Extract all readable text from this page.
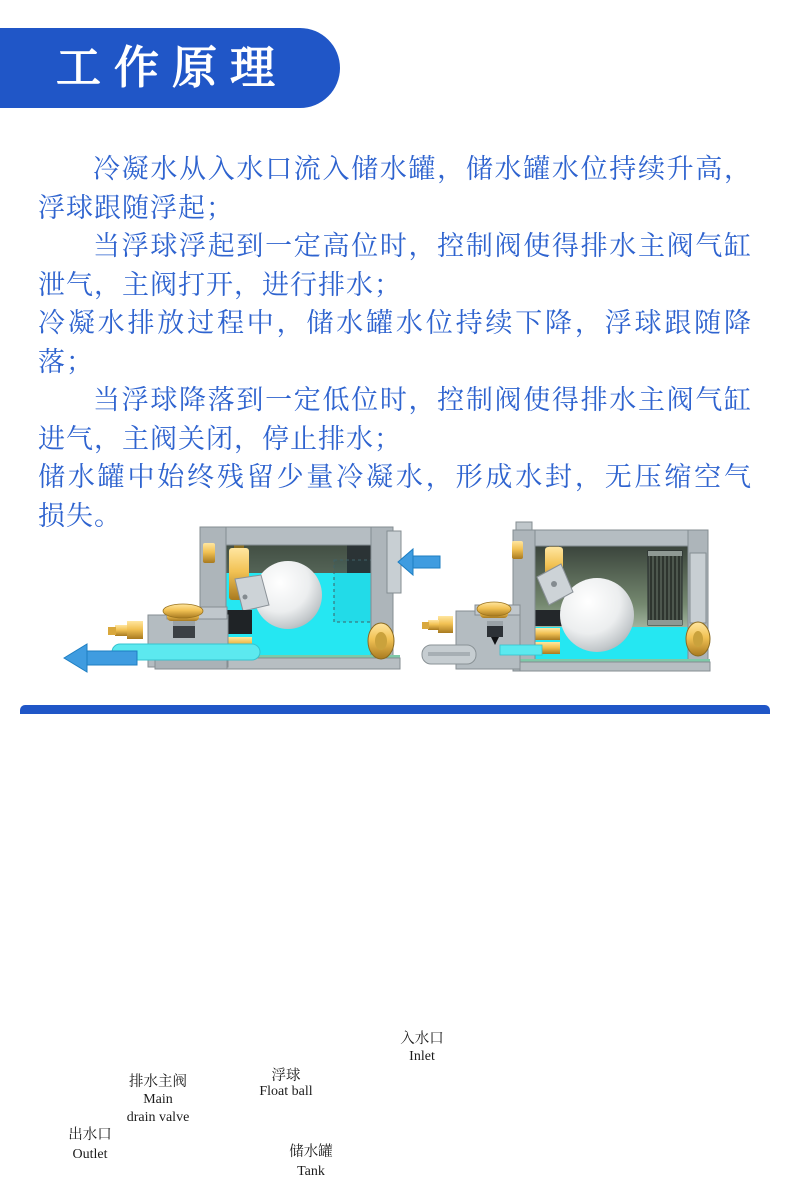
工作原理
冷凝水从入水口流入储水罐，储水罐水位持续升高，
浮球跟随浮起；
当浮球浮起到一定高位时，控制阀使得排水主阀气缸
泄气，主阀打开，进行排水；
冷凝水排放过程中，储水罐水位持续下降，浮球跟随降
落；
当浮球降落到一定低位时，控制阀使得排水主阀气缸
进气，主阀关闭，停止排水；
储水罐中始终残留少量冷凝水，形成水封，无压缩空气
损失。
入水口
Inlet
排水主阀
Main
drain valve
出水口
Outlet
浮球
Float ball
储水罐
Tank
